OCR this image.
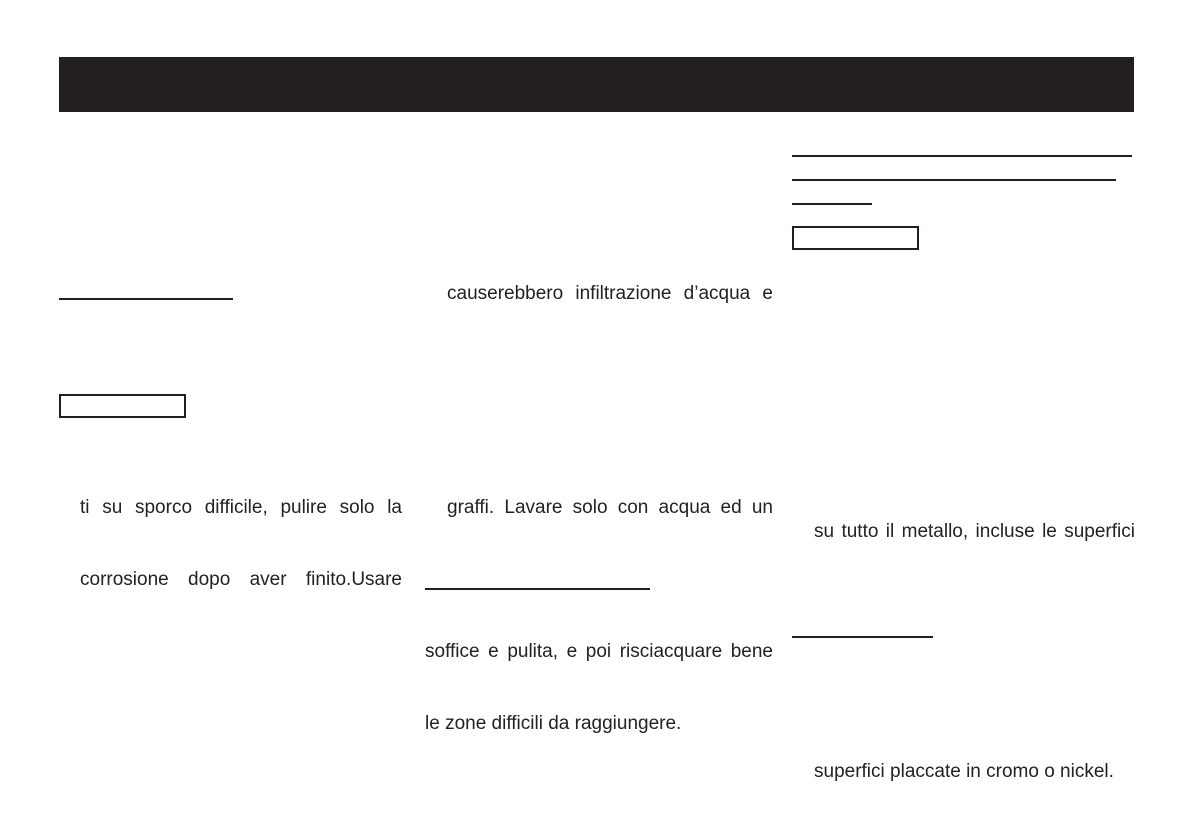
ti su sporco difficile, pulire solo la
corrosione dopo aver finito.Usare
causerebbero infiltrazione d’acqua e
graffi. Lavare solo con acqua ed un
soffice e pulita, e poi risciacquare bene
le zone difficili da raggiungere.
su tutto il metallo, incluse le superfici
superfici placcate in cromo o nickel.
